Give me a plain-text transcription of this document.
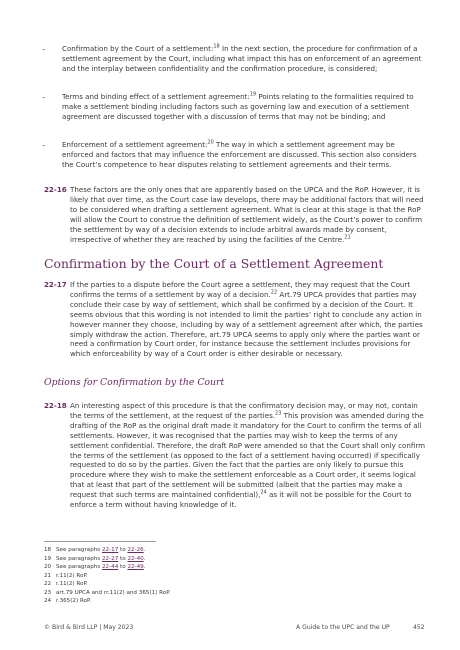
– Confirmation by the Court of a settlement:$^{18}$ In the next section, the procedure for confirmation of a settlement agreement by the Court, including what impact this has on enforcement of an agreement and the interplay between confidentiality and the confirmation procedure, is considered;
– Terms and binding effect of a settlement agreement:$^{19}$ Points relating to the formalities required to make a settlement binding including factors such as governing law and execution of a settlement agreement are discussed together with a discussion of terms that may not be binding; and
– Enforcement of a settlement agreement:$^{20}$ The way in which a settlement agreement may be enforced and factors that may influence the enforcement are discussed. This section also considers the Court’s competence to hear disputes relating to settlement agreements and their terms.
22-16 These factors are the only ones that are apparently based on the UPCA and the RoP. However, it is likely that over time, as the Court case law develops, there may be additional factors that will need to be considered when drafting a settlement agreement. What is clear at this stage is that the RoP will allow the Court to construe the definition of settlement widely, as the Court’s power to confirm the settlement by way of a decision extends to include arbitral awards made by consent, irrespective of whether they are reached by using the facilities of the Centre.$^{21}$
Confirmation by the Court of a Settlement Agreement
22-17 If the parties to a dispute before the Court agree a settlement, they may request that the Court confirms the terms of a settlement by way of a decision.$^{22}$ Art.79 UPCA provides that parties may conclude their case by way of settlement, which shall be confirmed by a decision of the Court. It seems obvious that this wording is not intended to limit the parties’ right to conclude any action in however manner they choose, including by way of a settlement agreement after which, the parties simply withdraw the action. Therefore, art.79 UPCA seems to apply only where the parties want or need a confirmation by Court order, for instance because the settlement includes provisions for which enforceability by way of a Court order is either desirable or necessary.
Options for Confirmation by the Court
22-18 An interesting aspect of this procedure is that the confirmatory decision may, or may not, contain the terms of the settlement, at the request of the parties.$^{23}$ This provision was amended during the drafting of the RoP as the original draft made it mandatory for the Court to confirm the terms of all settlements. However, it was recognised that the parties may wish to keep the terms of any settlement confidential. Therefore, the draft RoP were amended so that the Court shall only confirm the terms of the settlement (as opposed to the fact of a settlement having occurred) if specifically requested to do so by the parties. Given the fact that the parties are only likely to pursue this procedure where they wish to make the settlement enforceable as a Court order, it seems logical that at least that part of the settlement will be submitted (albeit that the parties may make a request that such terms are maintained confidential),$^{24}$ as it will not be possible for the Court to enforce a term without having knowledge of it.
18 See paragraphs 22-17 to 22-26.
19 See paragraphs 22-27 to 22-40.
20 See paragraphs 22-44 to 22-49.
21 r.11(2) RoP.
22 r.11(2) RoP.
23 art.79 UPCA and rr.11(2) and 365(1) RoP.
24 r.365(2) RoP.
© Bird & Bird LLP | May 2023	A Guide to the UPC and the UP	452
